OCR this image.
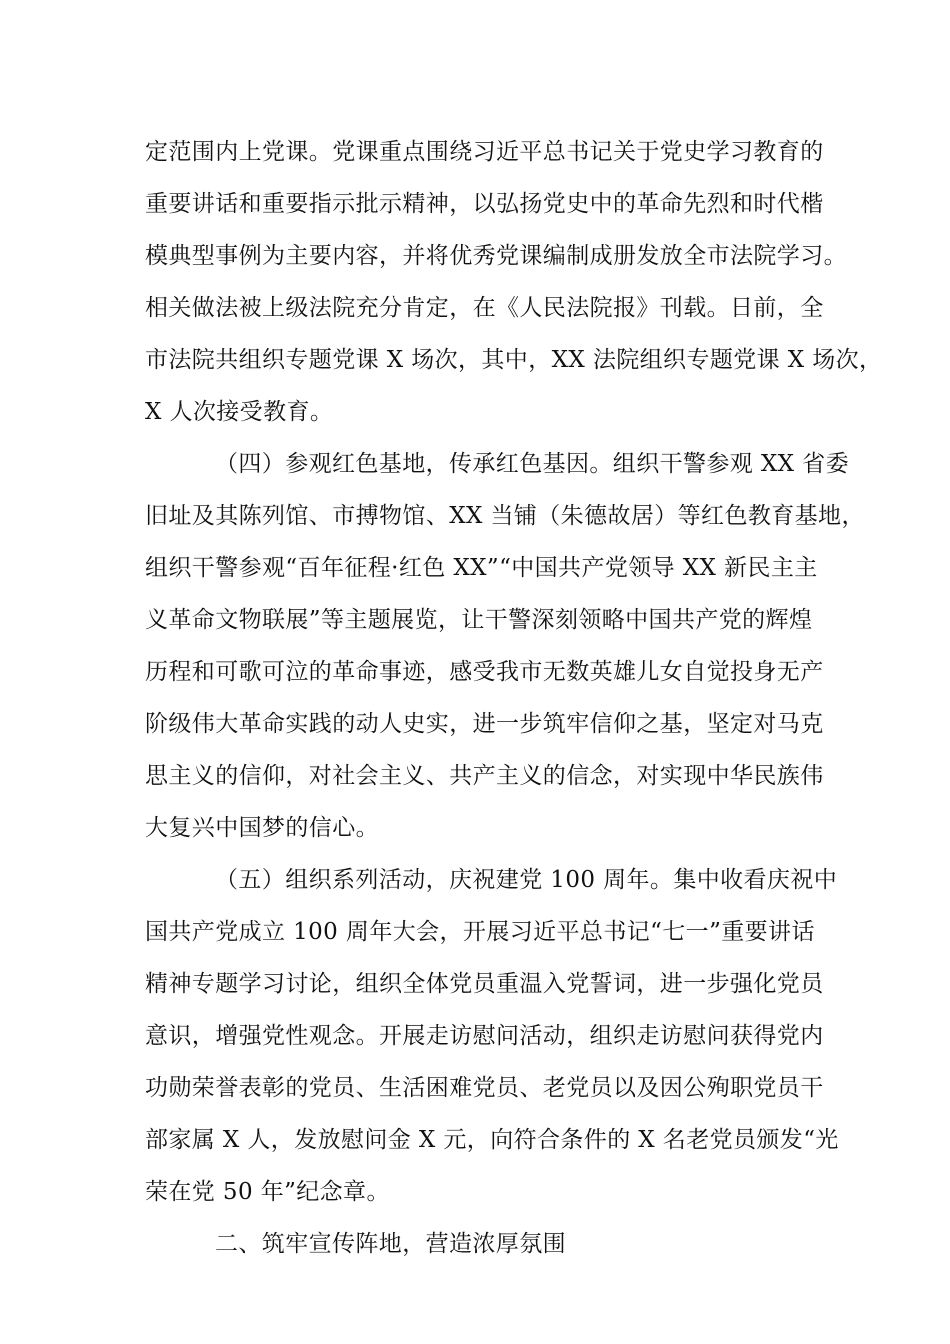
定范围内上党课。党课重点围绕习近平总书记关于党史学习教育的

重要讲话和重要指示批示精神，以弘扬党史中的革命先烈和时代楷

模典型事例为主要内容，并将优秀党课编制成册发放全市法院学习。

相关做法被上级法院充分肯定，在《人民法院报》刊载。日前，全

市法院共组织专题党课 X 场次，其中，XX 法院组织专题党课 X 场次，

X 人次接受教育。

（四）参观红色基地，传承红色基因。组织干警参观 XX 省委

旧址及其陈列馆、市搏物馆、XX 当铺（朱德故居）等红色教育基地，

组织干警参观“百年征程·红色 XX”“中国共产党领导 XX 新民主主

义革命文物联展”等主题展览，让干警深刻领略中国共产党的辉煌

历程和可歌可泣的革命事迹，感受我市无数英雄儿女自觉投身无产

阶级伟大革命实践的动人史实，进一步筑牢信仰之基，坚定对马克

思主义的信仰，对社会主义、共产主义的信念，对实现中华民族伟

大复兴中国梦的信心。

（五）组织系列活动，庆祝建党 100 周年。集中收看庆祝中

国共产党成立 100 周年大会，开展习近平总书记“七一”重要讲话

精神专题学习讨论，组织全体党员重温入党誓词，进一步强化党员

意识，增强党性观念。开展走访慰问活动，组织走访慰问获得党内

功勋荣誉表彰的党员、生活困难党员、老党员以及因公殉职党员干

部家属 X 人，发放慰问金 X 元，向符合条件的 X 名老党员颁发“光

荣在党 50 年”纪念章。

二、筑牢宣传阵地，营造浓厚氛围
